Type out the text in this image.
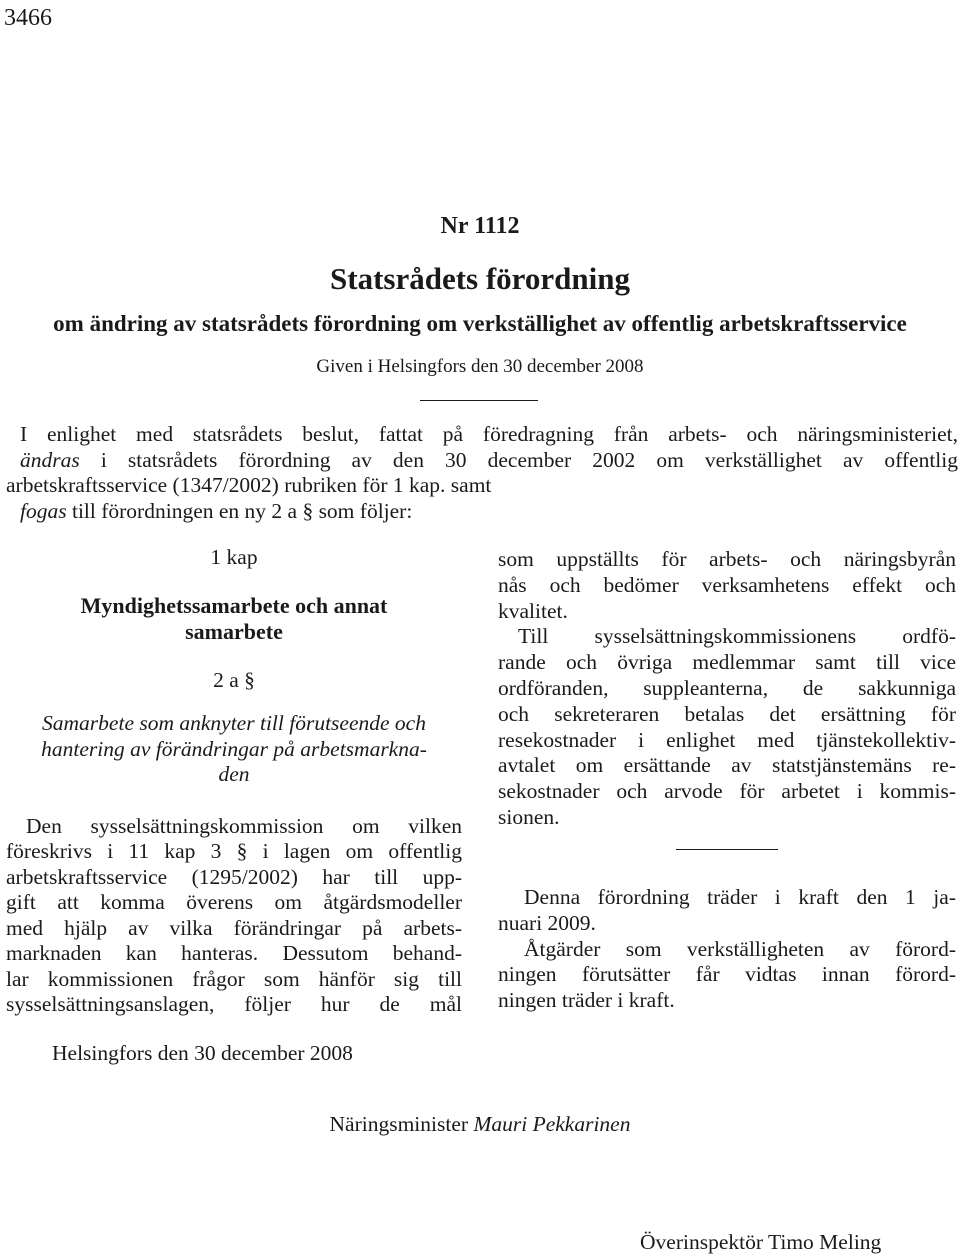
3466
Nr 1112
Statsrådets förordning
om ändring av statsrådets förordning om verkställighet av offentlig arbetskraftsservice
Given i Helsingfors den 30 december 2008

I enlighet med statsrådets beslut, fattat på föredragning från arbets- och näringsministeriet,

ändras i statsrådets förordning av den 30 december 2002 om verkställighet av offentlig

arbetskraftsservice (1347/2002) rubriken för 1 kap. samt

fogas till förordningen en ny 2 a § som följer:

1 kap
Myndighetssamarbete och annat
samarbete
2 a §
Samarbete som anknyter till förutseende och
hantering av förändringar på arbetsmarkna-
den
Den sysselsättningskommission om vilken
föreskrivs i 11 kap 3 § i lagen om offentlig
arbetskraftsservice (1295/2002) har till upp-
gift att komma överens om åtgärdsmodeller
med hjälp av vilka förändringar på arbets-
marknaden kan hanteras. Dessutom behand-
lar kommissionen frågor som hänför sig till
sysselsättningsanslagen, följer hur de mål
som uppställts för arbets- och näringsbyrån
nås och bedömer verksamhetens effekt och
kvalitet.
Till sysselsättningskommissionens ordfö-
rande och övriga medlemmar samt till vice
ordföranden, suppleanterna, de sakkunniga
och sekreteraren betalas det ersättning för
resekostnader i enlighet med tjänstekollektiv-
avtalet om ersättande av statstjänstemäns re-
sekostnader och arvode för arbetet i kommis-
sionen.
Denna förordning träder i kraft den 1 ja-
nuari 2009.
Åtgärder som verkställigheten av förord-
ningen förutsätter får vidtas innan förord-
ningen träder i kraft.
Helsingfors den 30 december 2008
Näringsminister Mauri Pekkarinen
Överinspektör Timo Meling
